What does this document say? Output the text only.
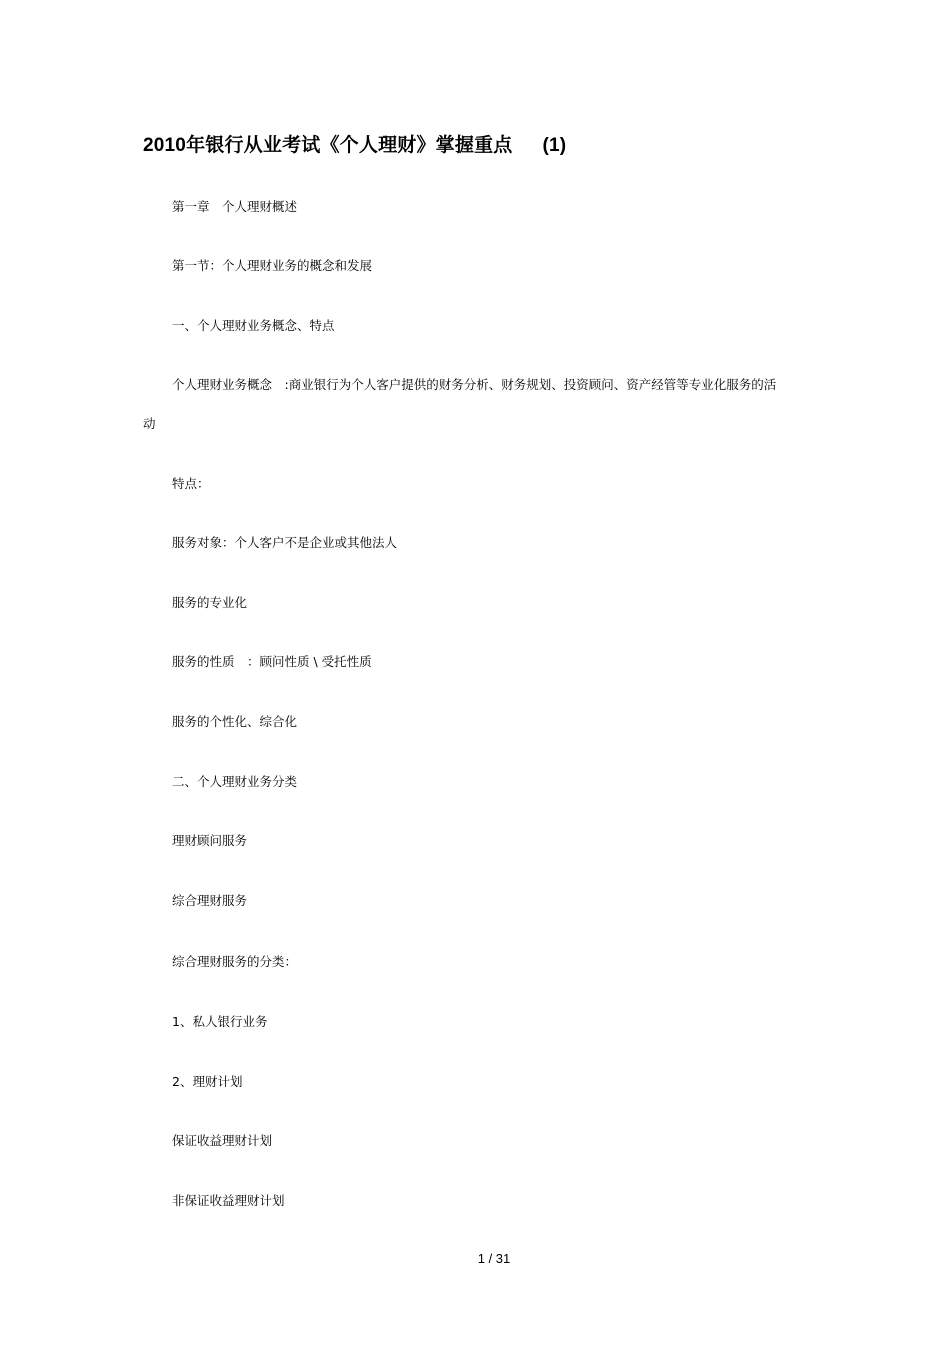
2010年银行从业考试《个人理财》掌握重点 (1)
第一章　个人理财概述
第一节：个人理财业务的概念和发展
一、个人理财业务概念、特点
个人理财业务概念　:商业银行为个人客户提供的财务分析、财务规划、投资顾问、资产经管等专业化服务的活
动
特点：
服务对象：个人客户不是企业或其他法人
服务的专业化
服务的性质　：顾问性质 \ 受托性质
服务的个性化、综合化
二、个人理财业务分类
理财顾问服务
综合理财服务
综合理财服务的分类：
1、私人银行业务
2、理财计划
保证收益理财计划
非保证收益理财计划
1 / 31
